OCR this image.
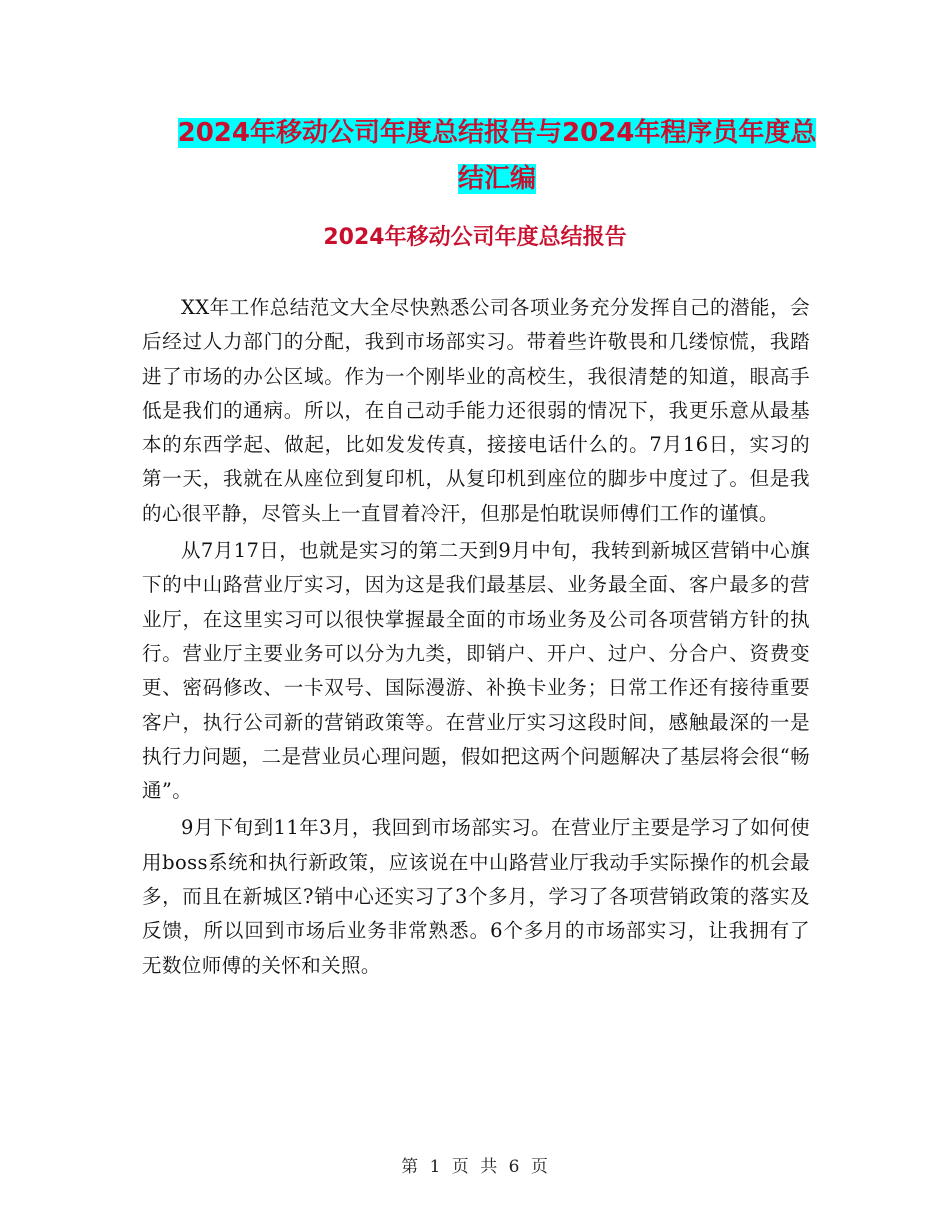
2024年移动公司年度总结报告与2024年程序员年度总
结汇编
2024年移动公司年度总结报告

XX年工作总结范文大全尽快熟悉公司各项业务充分发挥自己的潜能，会后经过人力部门的分配，我到市场部实习。带着些许敬畏和几缕惊慌，我踏进了市场的办公区域。作为一个刚毕业的高校生，我很清楚的知道，眼高手低是我们的通病。所以，在自己动手能力还很弱的情况下，我更乐意从最基本的东西学起、做起，比如发发传真，接接电话什么的。7月16日，实习的第一天，我就在从座位到复印机，从复印机到座位的脚步中度过了。但是我的心很平静，尽管头上一直冒着冷汗，但那是怕耽误师傅们工作的谨慎。

从7月17日，也就是实习的第二天到9月中旬，我转到新城区营销中心旗下的中山路营业厅实习，因为这是我们最基层、业务最全面、客户最多的营业厅，在这里实习可以很快掌握最全面的市场业务及公司各项营销方针的执行。营业厅主要业务可以分为九类，即销户、开户、过户、分合户、资费变更、密码修改、一卡双号、国际漫游、补换卡业务；日常工作还有接待重要客户，执行公司新的营销政策等。在营业厅实习这段时间，感触最深的一是执行力问题，二是营业员心理问题，假如把这两个问题解决了基层将会很“畅通”。

9月下旬到11年3月，我回到市场部实习。在营业厅主要是学习了如何使用boss系统和执行新政策，应该说在中山路营业厅我动手实际操作的机会最多，而且在新城区?销中心还实习了3个多月，学习了各项营销政策的落实及反馈，所以回到市场后业务非常熟悉。6个多月的市场部实习，让我拥有了无数位师傅的关怀和关照。

第 1 页 共 6 页
